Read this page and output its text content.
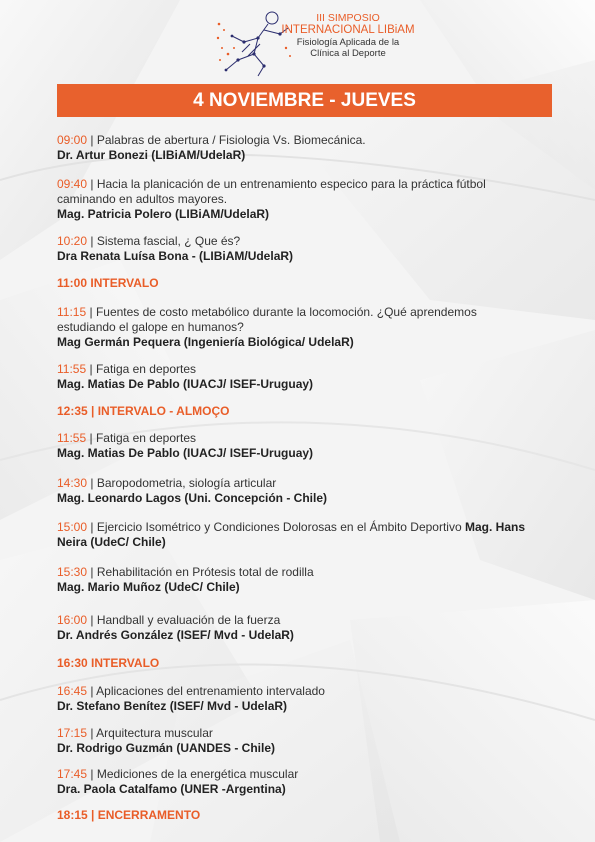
III SIMPOSIO
INTERNACIONAL LIBiAM
Fisiología Aplicada de la
Clínica al Deporte
4 NOVIEMBRE - JUEVES
09:00 | Palabras de abertura / Fisiologia Vs. Biomecánica.
Dr. Artur Bonezi (LIBiAM/UdelaR)
09:40 | Hacia la planicación de un entrenamiento especico para la práctica fútbol
caminando en adultos mayores.
Mag. Patricia Polero (LIBiAM/UdelaR)
10:20 | Sistema fascial, ¿ Que és?
Dra Renata Luísa Bona - (LIBiAM/UdelaR)
11:00 INTERVALO
11:15 | Fuentes de costo metabólico durante la locomoción. ¿Qué aprendemos
estudiando el galope en humanos?
Mag Germán Pequera (Ingeniería Biológica/ UdelaR)
11:55 | Fatiga en deportes
Mag. Matias De Pablo (IUACJ/ ISEF-Uruguay)
12:35 | INTERVALO - ALMOÇO
11:55 | Fatiga en deportes
Mag. Matias De Pablo (IUACJ/ ISEF-Uruguay)
14:30 | Baropodometria, siología articular
Mag. Leonardo Lagos (Uni. Concepción - Chile)
15:00 | Ejercicio Isométrico y Condiciones Dolorosas en el Ámbito Deportivo Mag. Hans
Neira (UdeC/ Chile)
15:30 | Rehabilitación en Prótesis total de rodilla
Mag. Mario Muñoz (UdeC/ Chile)
16:00 | Handball y evaluación de la fuerza
Dr. Andrés González (ISEF/ Mvd - UdelaR)
16:30 INTERVALO
16:45 | Aplicaciones del entrenamiento intervalado
Dr. Stefano Benítez (ISEF/ Mvd - UdelaR)
17:15 | Arquitectura muscular
Dr. Rodrigo Guzmán (UANDES - Chile)
17:45 | Mediciones de la energética muscular
Dra. Paola Catalfamo (UNER -Argentina)
18:15 | ENCERRAMENTO
